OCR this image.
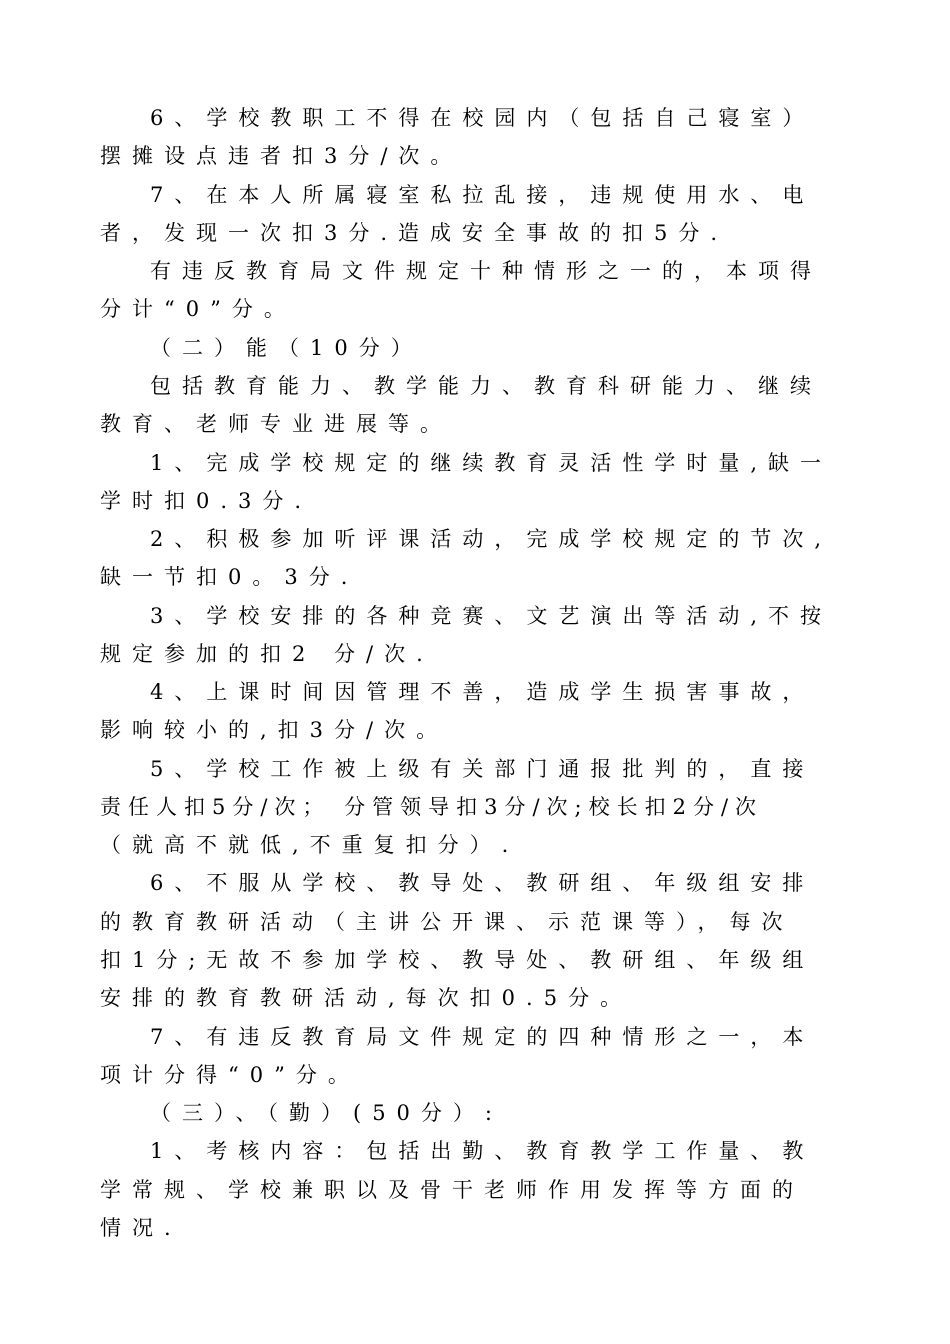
6、学校教职工不得在校园内（包括自己寝室）
摆摊设点违者扣3分/次。
7、在本人所属寝室私拉乱接，违规使用水、电
者，发现一次扣3分.造成安全事故的扣5分.
有违反教育局文件规定十种情形之一的，本项得
分计“0”分。
（二）能（10分）
包括教育能力、教学能力、教育科研能力、继续
教育、老师专业进展等。
1、完成学校规定的继续教育灵活性学时量,缺一
学时扣0.3分.
2、积极参加听评课活动，完成学校规定的节次,
缺一节扣0。3分.
3、学校安排的各种竞赛、文艺演出等活动,不按
规定参加的扣2 分/次.
4、上课时间因管理不善，造成学生损害事故，
影响较小的,扣3分/次。
5、学校工作被上级有关部门通报批判的，直接
责任人扣5分/次； 分管领导扣3分/次;校长扣2分/次
（就高不就低,不重复扣分）.
6、不服从学校、教导处、教研组、年级组安排
的教育教研活动（主讲公开课、示范课等），每次
扣1分;无故不参加学校、教导处、教研组、年级组
安排的教育教研活动,每次扣0.5分。
7、有违反教育局文件规定的四种情形之一，本
项计分得“0”分。
（三）、（勤）(50分）:
1、考核内容：包括出勤、教育教学工作量、教
学常规、学校兼职以及骨干老师作用发挥等方面的
情况.
